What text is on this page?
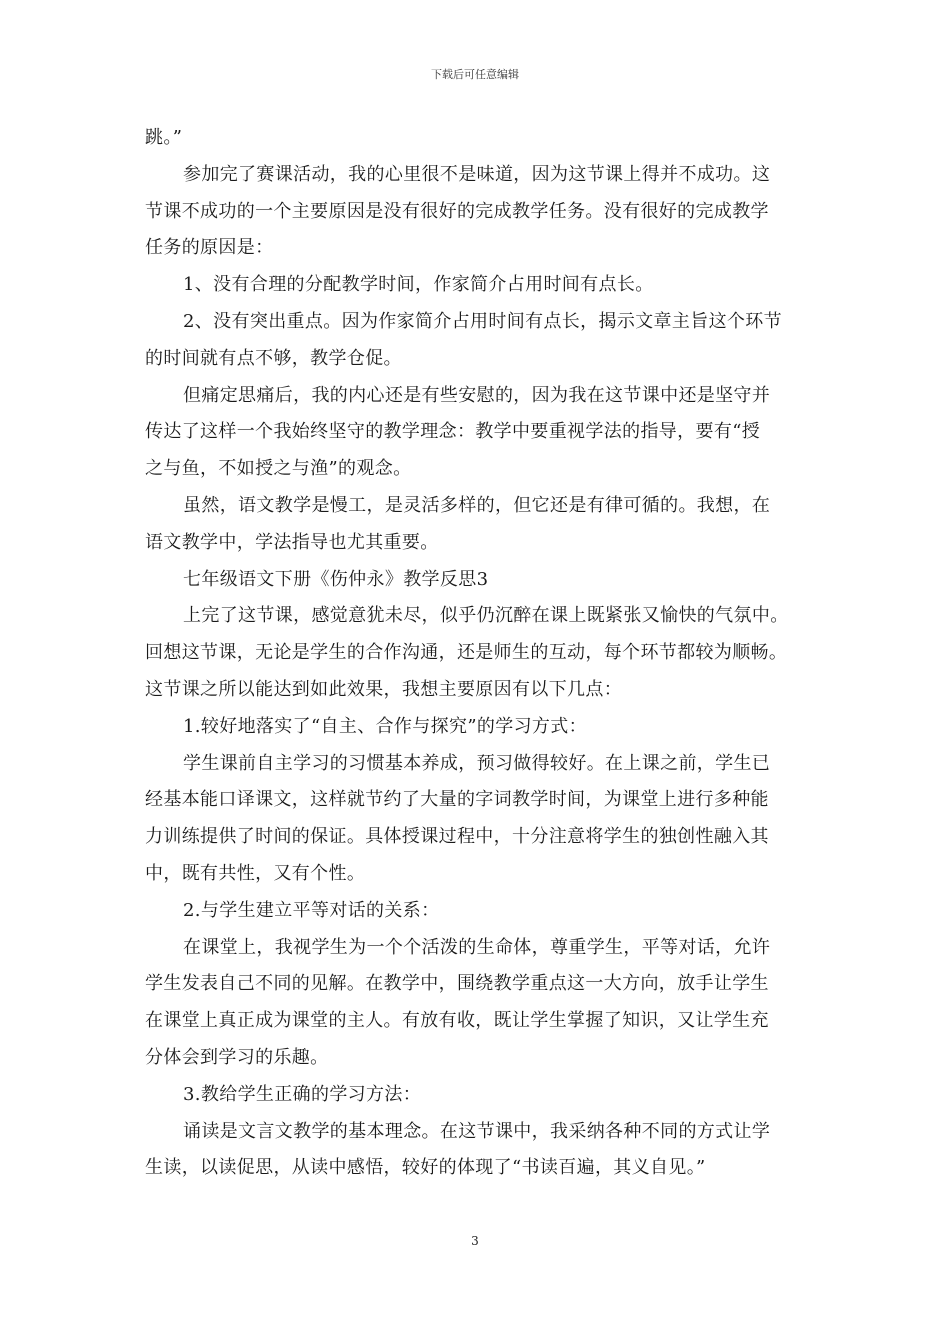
下载后可任意编辑

跳。”

参加完了赛课活动，我的心里很不是味道，因为这节课上得并不成功。这

节课不成功的一个主要原因是没有很好的完成教学任务。没有很好的完成教学

任务的原因是：

1、没有合理的分配教学时间，作家简介占用时间有点长。

2、没有突出重点。因为作家简介占用时间有点长，揭示文章主旨这个环节

的时间就有点不够，教学仓促。

但痛定思痛后，我的内心还是有些安慰的，因为我在这节课中还是坚守并

传达了这样一个我始终坚守的教学理念：教学中要重视学法的指导，要有“授

之与鱼，不如授之与渔”的观念。

虽然，语文教学是慢工，是灵活多样的，但它还是有律可循的。我想，在

语文教学中，学法指导也尤其重要。

七年级语文下册《伤仲永》教学反思3

上完了这节课，感觉意犹未尽，似乎仍沉醉在课上既紧张又愉快的气氛中。

回想这节课，无论是学生的合作沟通，还是师生的互动，每个环节都较为顺畅。

这节课之所以能达到如此效果，我想主要原因有以下几点：

1.较好地落实了“自主、合作与探究”的学习方式：

学生课前自主学习的习惯基本养成，预习做得较好。在上课之前，学生已

经基本能口译课文，这样就节约了大量的字词教学时间，为课堂上进行多种能

力训练提供了时间的保证。具体授课过程中，十分注意将学生的独创性融入其

中，既有共性，又有个性。

2.与学生建立平等对话的关系：

在课堂上，我视学生为一个个活泼的生命体，尊重学生，平等对话，允许

学生发表自己不同的见解。在教学中，围绕教学重点这一大方向，放手让学生

在课堂上真正成为课堂的主人。有放有收，既让学生掌握了知识，又让学生充

分体会到学习的乐趣。

3.教给学生正确的学习方法：

诵读是文言文教学的基本理念。在这节课中，我采纳各种不同的方式让学

生读，以读促思，从读中感悟，较好的体现了“书读百遍，其义自见。”

3
